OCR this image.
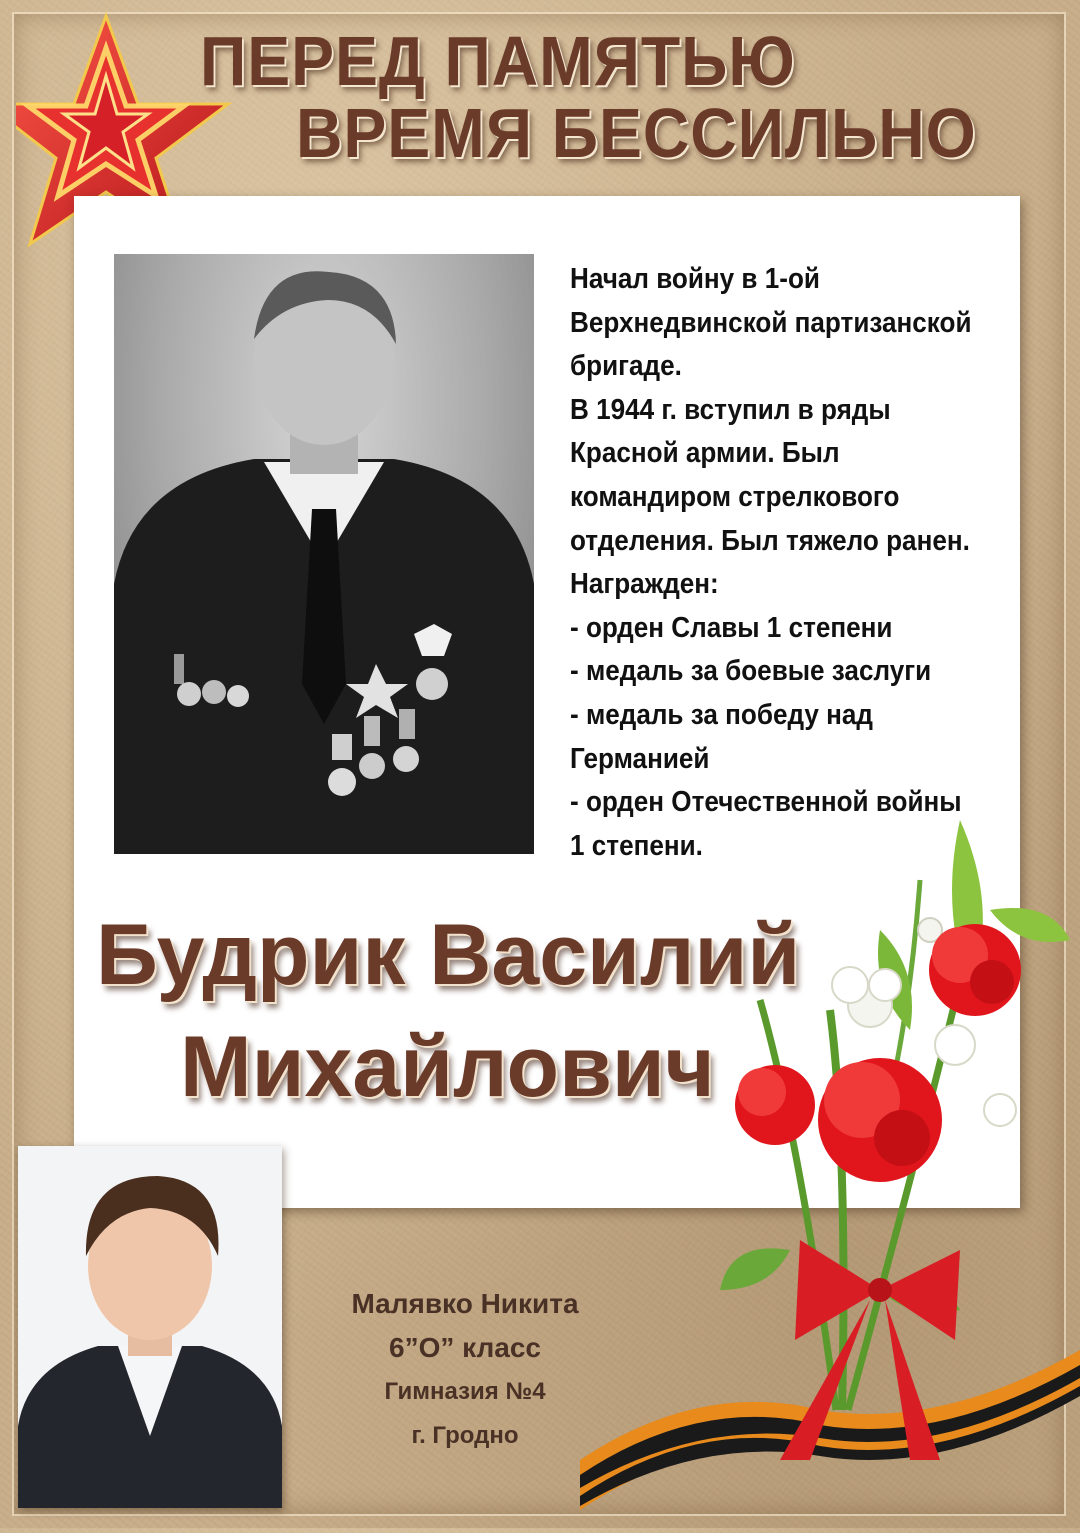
ПЕРЕД ПАМЯТЬЮ
ВРЕМЯ БЕССИЛЬНО

Начал войну в 1-ой
Верхнедвинской партизанской
бригаде.
В 1944 г. вступил в ряды
Красной армии. Был
командиром стрелкового
отделения. Был тяжело ранен.
Награжден:
- орден Славы 1 степени
- медаль за боевые заслуги
- медаль за победу над
Германией
- орден Отечественной войны
1 степени.

Будрик Василий
Михайлович

Малявко Никита

6”О” класс

Гимназия №4

г. Гродно
